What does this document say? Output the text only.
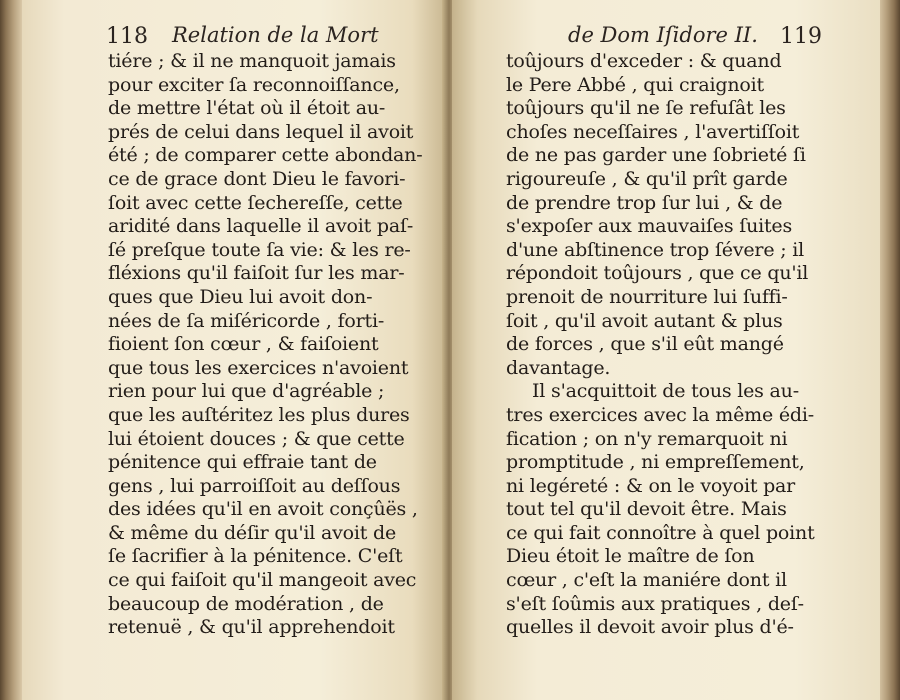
118 Relation de la Mort
tiére ; & il ne manquoit jamais
pour exciter ſa reconnoiſſance,
de mettre l'état où il étoit au-
prés de celui dans lequel il avoit
été ; de comparer cette abondan-
ce de grace dont Dieu le favori-
ſoit avec cette ſechereſſe, cette
aridité dans laquelle il avoit paſ-
ſé preſque toute ſa vie: & les re-
fléxions qu'il faiſoit ſur les mar-
ques que Dieu lui avoit don-
nées de ſa miſéricorde , forti-
fioient ſon cœur , & faiſoient
que tous les exercices n'avoient
rien pour lui que d'agréable ;
que les auſtéritez les plus dures
lui étoient douces ; & que cette
pénitence qui effraie tant de
gens , lui parroiſſoit au deſſous
des idées qu'il en avoit conçûës ,
& même du déſir qu'il avoit de
ſe ſacrifier à la pénitence. C'eſt
ce qui faiſoit qu'il mangeoit avec
beaucoup de modération , de
retenuë , & qu'il apprehendoit
de Dom Iſidore II. 119
toûjours d'exceder : & quand
le Pere Abbé , qui craignoit
toûjours qu'il ne ſe refuſât les
choſes neceſſaires , l'avertiſſoit
de ne pas garder une ſobrieté ſi
rigoureuſe , & qu'il prît garde
de prendre trop ſur lui , & de
s'expoſer aux mauvaiſes ſuites
d'une abſtinence trop ſévere ; il
répondoit toûjours , que ce qu'il
prenoit de nourriture lui ſuffi-
ſoit , qu'il avoit autant & plus
de forces , que s'il eût mangé
davantage.
Il s'acquittoit de tous les au-
tres exercices avec la même édi-
fication ; on n'y remarquoit ni
promptitude , ni empreſſement,
ni legéreté : & on le voyoit par
tout tel qu'il devoit être. Mais
ce qui fait connoître à quel point
Dieu étoit le maître de ſon
cœur , c'eſt la maniére dont il
s'eſt ſoûmis aux pratiques , deſ-
quelles il devoit avoir plus d'é-
